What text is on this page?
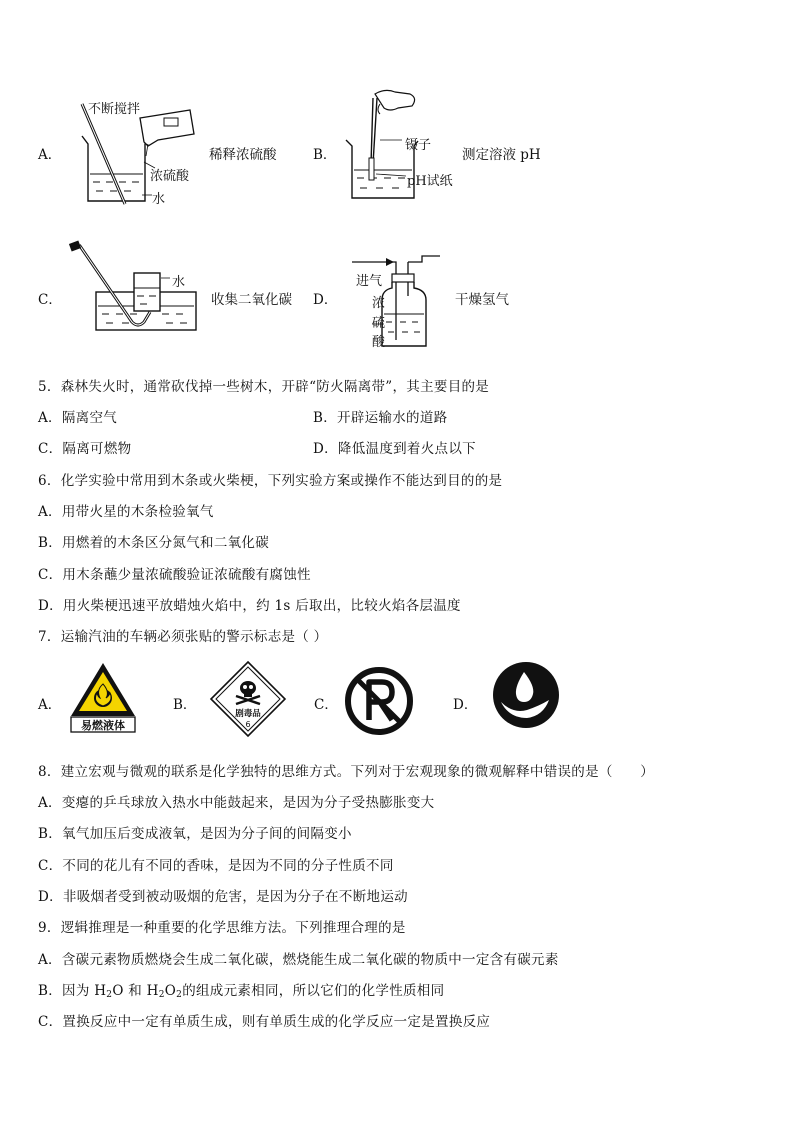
A．
不断搅拌
浓硫酸
水
稀释浓硫酸	B．
镊子
pH试纸
测定溶液 pH
C．
水
收集二氧化碳 D．
进气
浓
硫
酸
干燥氢气
5．森林失火时，通常砍伐掉一些树木，开辟“防火隔离带”，其主要目的是
A．隔离空气	B．开辟运输水的道路
C．隔离可燃物	D．降低温度到着火点以下
6．化学实验中常用到木条或火柴梗，下列实验方案或操作不能达到目的的是
A．用带火星的木条检验氧气
B．用燃着的木条区分氮气和二氧化碳
C．用木条蘸少量浓硫酸验证浓硫酸有腐蚀性
D．用火柴梗迅速平放蜡烛火焰中，约 1s 后取出，比较火焰各层温度
7．运输汽油的车辆必须张贴的警示标志是（ ）
A．
易燃液体
B．
剧毒品
6
C．	D．
8．建立宏观与微观的联系是化学独特的思维方式。下列对于宏观现象的微观解释中错误的是（　　）
A．变瘪的乒乓球放入热水中能鼓起来，是因为分子受热膨胀变大
B．氧气加压后变成液氧，是因为分子间的间隔变小
C．不同的花儿有不同的香味，是因为不同的分子性质不同
D．非吸烟者受到被动吸烟的危害，是因为分子在不断地运动
9．逻辑推理是一种重要的化学思维方法。下列推理合理的是
A．含碳元素物质燃烧会生成二氧化碳，燃烧能生成二氧化碳的物质中一定含有碳元素
B．因为 $H_2O$ 和 $H_2O_2$的组成元素相同，所以它们的化学性质相同
C．置换反应中一定有单质生成，则有单质生成的化学反应一定是置换反应
